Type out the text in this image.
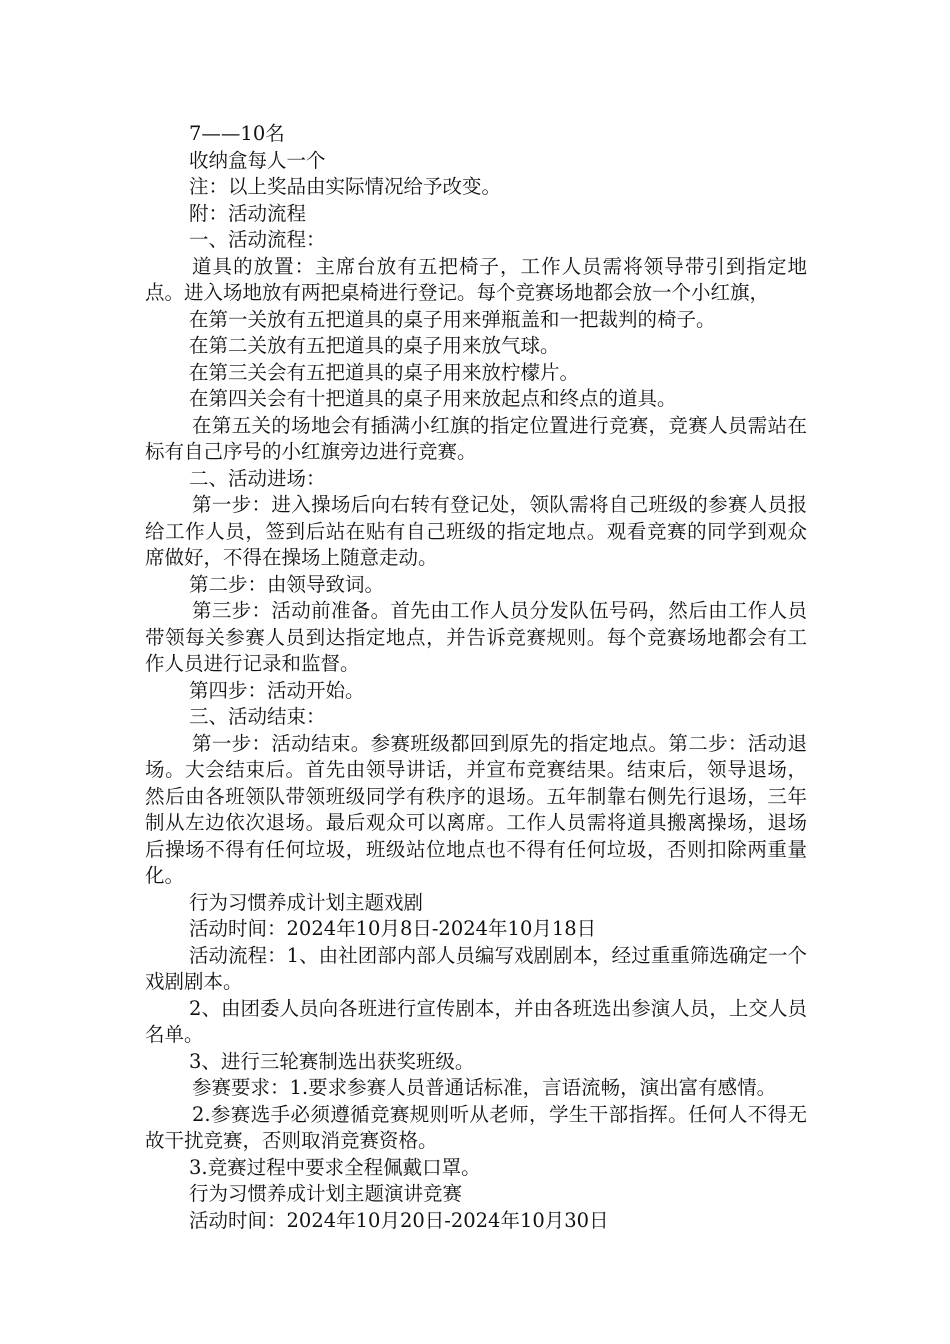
7——10名

收纳盒每人一个

注：以上奖品由实际情况给予改变。

附：活动流程

一、活动流程：

道具的放置：主席台放有五把椅子，工作人员需将领导带引到指定地点。进入场地放有两把桌椅进行登记。每个竞赛场地都会放一个小红旗，

在第一关放有五把道具的桌子用来弹瓶盖和一把裁判的椅子。

在第二关放有五把道具的桌子用来放气球。

在第三关会有五把道具的桌子用来放柠檬片。

在第四关会有十把道具的桌子用来放起点和终点的道具。

在第五关的场地会有插满小红旗的指定位置进行竞赛，竞赛人员需站在标有自己序号的小红旗旁边进行竞赛。

二、活动进场：

第一步：进入操场后向右转有登记处，领队需将自己班级的参赛人员报给工作人员，签到后站在贴有自己班级的指定地点。观看竞赛的同学到观众席做好，不得在操场上随意走动。

第二步：由领导致词。

第三步：活动前准备。首先由工作人员分发队伍号码，然后由工作人员带领每关参赛人员到达指定地点，并告诉竞赛规则。每个竞赛场地都会有工作人员进行记录和监督。

第四步：活动开始。

三、活动结束：

第一步：活动结束。参赛班级都回到原先的指定地点。第二步：活动退场。大会结束后。首先由领导讲话，并宣布竞赛结果。结束后，领导退场，然后由各班领队带领班级同学有秩序的退场。五年制靠右侧先行退场，三年制从左边依次退场。最后观众可以离席。工作人员需将道具搬离操场，退场后操场不得有任何垃圾，班级站位地点也不得有任何垃圾，否则扣除两重量化。

行为习惯养成计划主题戏剧

活动时间：2024年10月8日-2024年10月18日

活动流程：1、由社团部内部人员编写戏剧剧本，经过重重筛选确定一个戏剧剧本。

2、由团委人员向各班进行宣传剧本，并由各班选出参演人员，上交人员名单。

3、进行三轮赛制选出获奖班级。

参赛要求：1.要求参赛人员普通话标准，言语流畅，演出富有感情。

2.参赛选手必须遵循竞赛规则听从老师，学生干部指挥。任何人不得无故干扰竞赛，否则取消竞赛资格。

3.竞赛过程中要求全程佩戴口罩。

行为习惯养成计划主题演讲竞赛

活动时间：2024年10月20日-2024年10月30日
